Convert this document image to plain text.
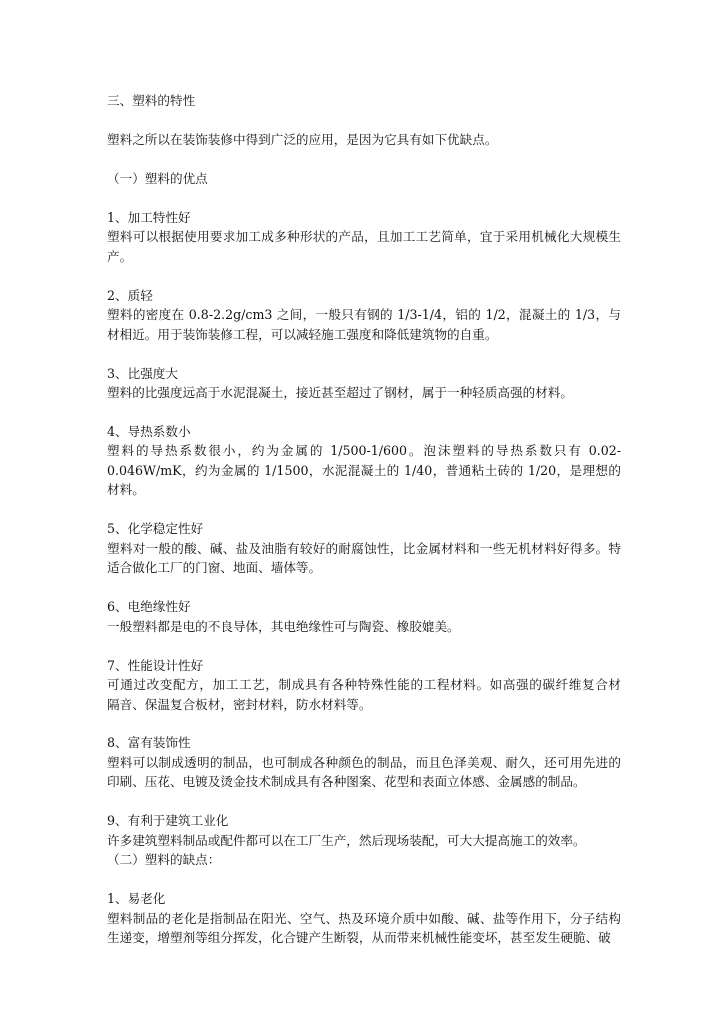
三、塑料的特性
塑料之所以在装饰装修中得到广泛的应用，是因为它具有如下优缺点。
（一）塑料的优点
1、加工特性好
塑料可以根据使用要求加工成多种形状的产品，且加工工艺简单，宜于采用机械化大规模生
产。
2、质轻
塑料的密度在 0.8-2.2g/cm3 之间，一般只有钢的 1/3-1/4，铝的 1/2，混凝土的 1/3，与
材相近。用于装饰装修工程，可以减轻施工强度和降低建筑物的自重。
3、比强度大
塑料的比强度远高于水泥混凝土，接近甚至超过了钢材，属于一种轻质高强的材料。
4、导热系数小
塑料的导热系数很小，约为金属的 1/500-1/600。泡沫塑料的导热系数只有 0.02-
0.046W/mK，约为金属的 1/1500，水泥混凝土的 1/40，普通粘土砖的 1/20，是理想的
材料。
5、化学稳定性好
塑料对一般的酸、碱、盐及油脂有较好的耐腐蚀性，比金属材料和一些无机材料好得多。特
适合做化工厂的门窗、地面、墙体等。
6、电绝缘性好
一般塑料都是电的不良导体，其电绝缘性可与陶瓷、橡胶媲美。
7、性能设计性好
可通过改变配方，加工工艺，制成具有各种特殊性能的工程材料。如高强的碳纤维复合材
隔音、保温复合板材，密封材料，防水材料等。
8、富有装饰性
塑料可以制成透明的制品，也可制成各种颜色的制品，而且色泽美观、耐久，还可用先进的
印刷、压花、电镀及烫金技术制成具有各种图案、花型和表面立体感、金属感的制品。
9、有利于建筑工业化
许多建筑塑料制品或配件都可以在工厂生产，然后现场装配，可大大提高施工的效率。
（二）塑料的缺点：
1、易老化
塑料制品的老化是指制品在阳光、空气、热及环境介质中如酸、碱、盐等作用下，分子结构
生递变，增塑剂等组分挥发，化合键产生断裂，从而带来机械性能变坏，甚至发生硬脆、破
